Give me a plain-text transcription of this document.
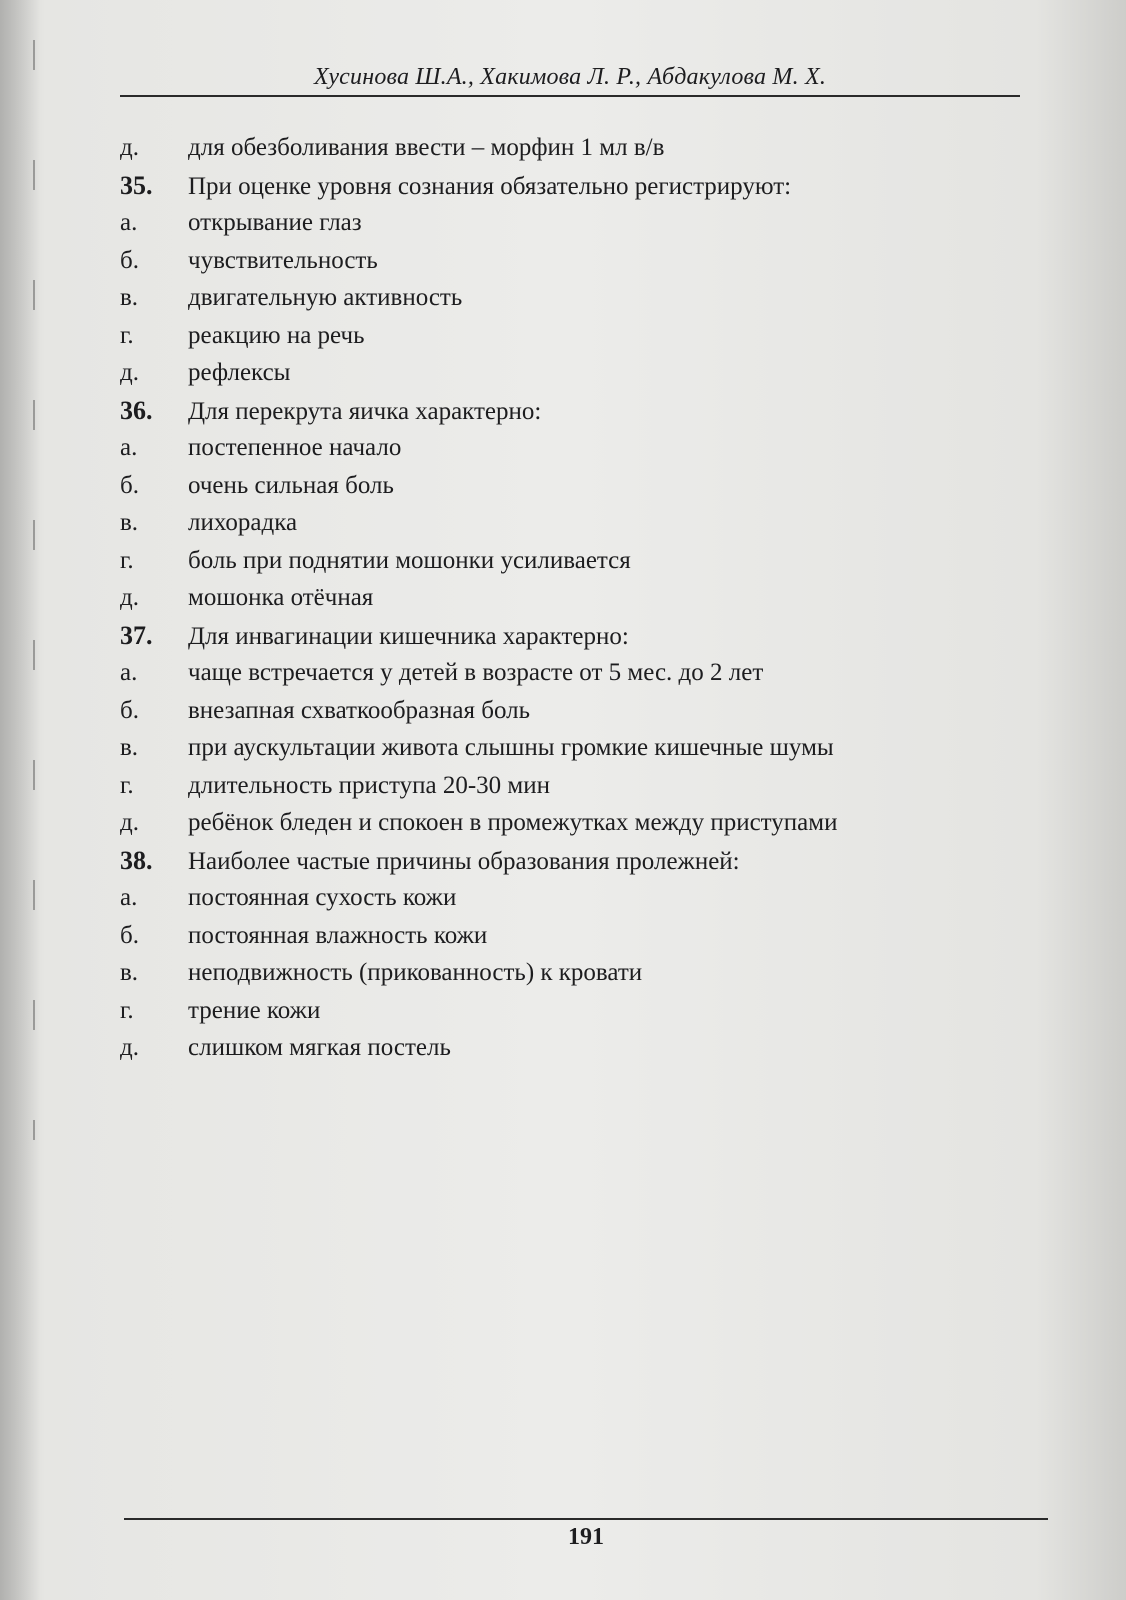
Хусинова Ш.А., Хакимова Л. Р., Абдакулова М. Х.
д.	для обезболивания ввести – морфин 1 мл в/в
35.	При оценке уровня сознания обязательно регистрируют:
а.	открывание глаз
б.	чувствительность
в.	двигательную активность
г.	реакцию на речь
д.	рефлексы
36.	Для перекрута яичка характерно:
а.	постепенное начало
б.	очень сильная боль
в.	лихорадка
г.	боль при поднятии мошонки усиливается
д.	мошонка отёчная
37.	Для инвагинации кишечника характерно:
а.	чаще встречается у детей в возрасте от 5 мес. до 2 лет
б.	внезапная схваткообразная боль
в.	при аускультации живота слышны громкие кишечные шумы
г.	длительность приступа 20-30 мин
д.	ребёнок бледен и спокоен в промежутках между приступами
38.	Наиболее частые причины образования пролежней:
а.	постоянная сухость кожи
б.	постоянная влажность кожи
в.	неподвижность (прикованность) к кровати
г.	трение кожи
д.	слишком мягкая постель
191
